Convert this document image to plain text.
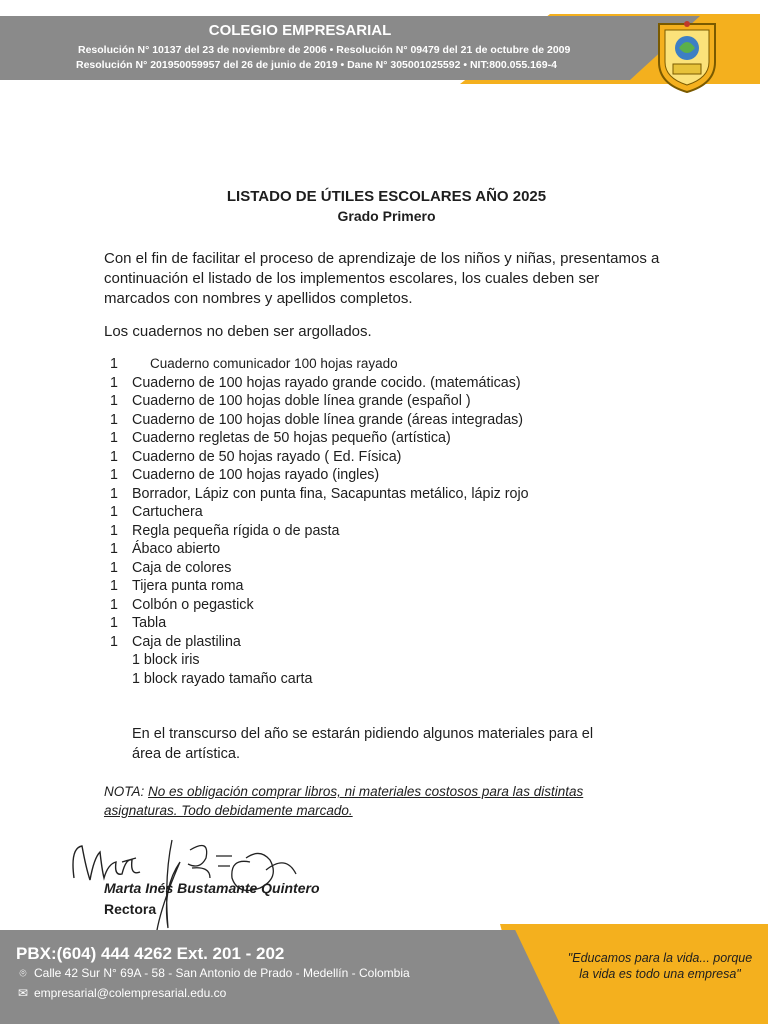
COLEGIO EMPRESARIAL
Resolución N° 10137 del 23 de noviembre de 2006 • Resolución N° 09479 del 21 de octubre de 2009
Resolución N° 201950059957 del 26 de junio de 2019 • Dane N° 305001025592 • NIT:800.055.169-4
LISTADO DE ÚTILES ESCOLARES AÑO 2025
Grado Primero
Con el fin de facilitar el proceso de aprendizaje de los niños y niñas, presentamos a continuación el listado de los implementos escolares, los cuales deben ser marcados con nombres y apellidos completos.
Los cuadernos no deben ser argollados.
1	Cuaderno comunicador 100 hojas rayado
1 Cuaderno de 100 hojas rayado grande cocido. (matemáticas)
1 Cuaderno de 100 hojas doble línea grande (español )
1 Cuaderno de 100 hojas doble línea grande (áreas integradas)
1 Cuaderno regletas de 50 hojas pequeño (artística)
1 Cuaderno de 50 hojas rayado ( Ed. Física)
1 Cuaderno de 100 hojas rayado (ingles)
1 Borrador, Lápiz con punta fina, Sacapuntas metálico, lápiz rojo
1 Cartuchera
1 Regla pequeña rígida o de pasta
1 Ábaco abierto
1 Caja de colores
1 Tijera punta roma
1 Colbón o pegastick
1 Tabla
1 Caja de plastilina
1 block iris
1 block rayado tamaño carta
En el transcurso del año se estarán pidiendo algunos materiales para el área de artística.
NOTA: No es obligación comprar libros, ni materiales costosos para las distintas asignaturas. Todo debidamente marcado.
Marta Inés Bustamante Quintero
Rectora
PBX:(604) 444 4262 Ext. 201 - 202
⌾ Calle 42 Sur N° 69A - 58 - San Antonio de Prado - Medellín - Colombia
✉ empresarial@colempresarial.edu.co
"Educamos para la vida... porque
la vida es todo una empresa"
